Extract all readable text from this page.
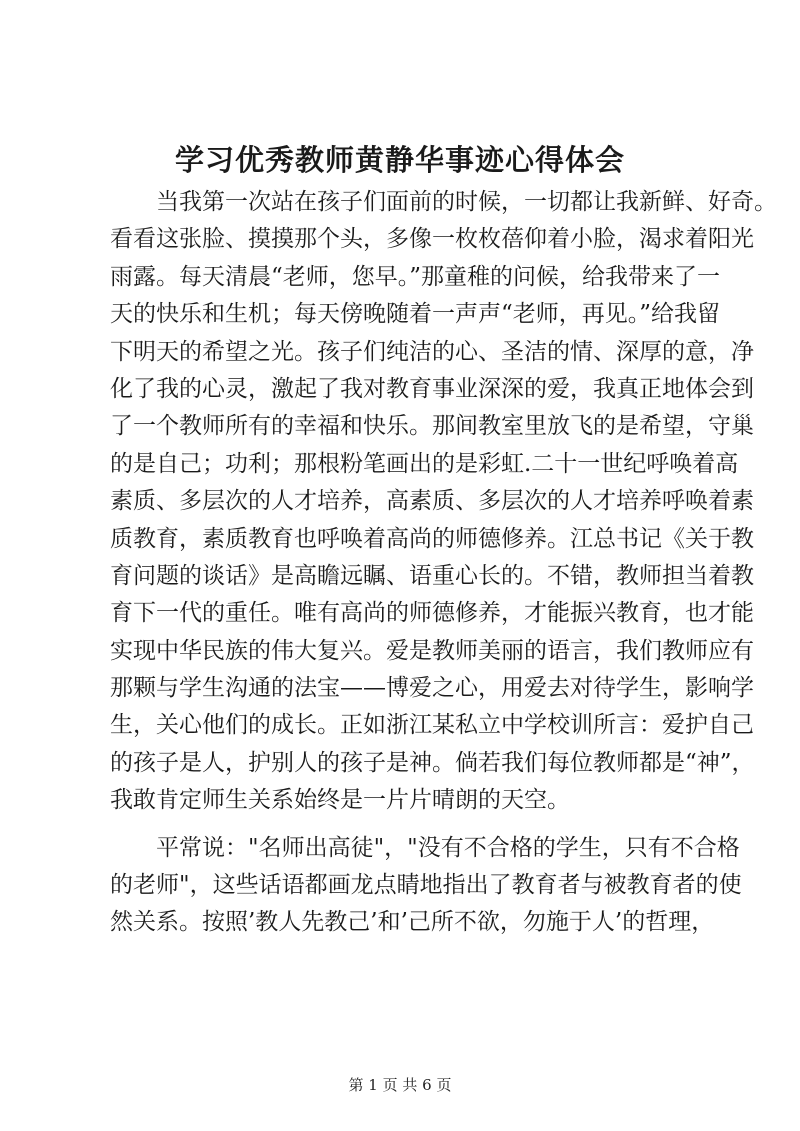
学习优秀教师黄静华事迹心得体会
当我第一次站在孩子们面前的时候，一切都让我新鲜、好奇。
看看这张脸、摸摸那个头，多像一枚枚蓓仰着小脸，渴求着阳光
雨露。每天清晨“老师，您早。”那童稚的问候，给我带来了一
天的快乐和生机；每天傍晚随着一声声“老师，再见。”给我留
下明天的希望之光。孩子们纯洁的心、圣洁的情、深厚的意，净
化了我的心灵，激起了我对教育事业深深的爱，我真正地体会到
了一个教师所有的幸福和快乐。那间教室里放飞的是希望，守巢
的是自己；功利；那根粉笔画出的是彩虹.二十一世纪呼唤着高
素质、多层次的人才培养，高素质、多层次的人才培养呼唤着素
质教育，素质教育也呼唤着高尚的师德修养。江总书记《关于教
育问题的谈话》是高瞻远瞩、语重心长的。不错，教师担当着教
育下一代的重任。唯有高尚的师德修养，才能振兴教育，也才能
实现中华民族的伟大复兴。爱是教师美丽的语言，我们教师应有
那颗与学生沟通的法宝——博爱之心，用爱去对待学生，影响学
生，关心他们的成长。正如浙江某私立中学校训所言：爱护自己
的孩子是人，护别人的孩子是神。倘若我们每位教师都是“神”，
我敢肯定师生关系始终是一片片晴朗的天空。
平常说："名师出高徒"，"没有不合格的学生，只有不合格
的老师"，这些话语都画龙点睛地指出了教育者与被教育者的使
然关系。按照’教人先教己’和’己所不欲，勿施于人’的哲理，
第 1 页 共 6 页
